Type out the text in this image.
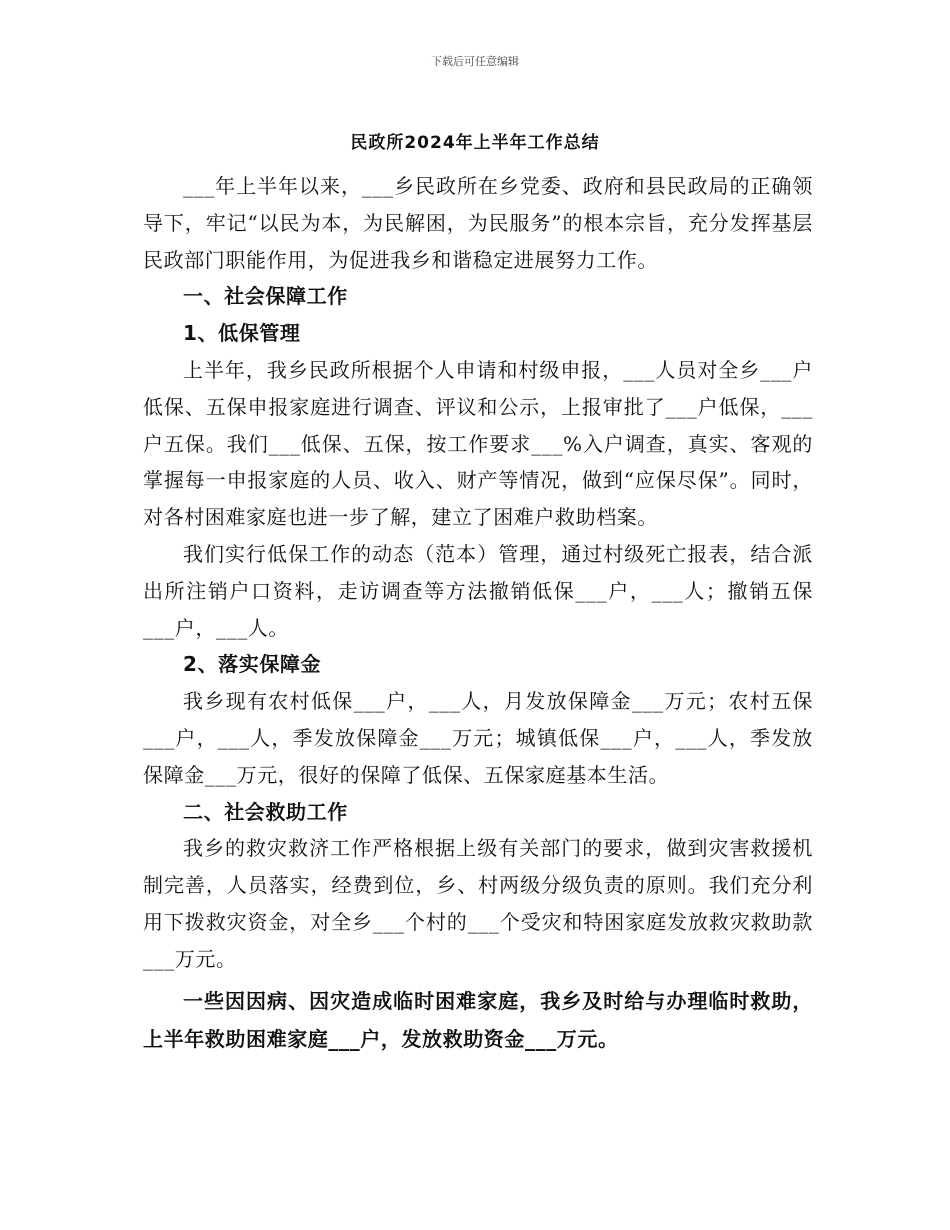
下载后可任意编辑
民政所2024年上半年工作总结

___年上半年以来，___乡民政所在乡党委、政府和县民政局的正确领导下，牢记“以民为本，为民解困，为民服务”的根本宗旨，充分发挥基层民政部门职能作用，为促进我乡和谐稳定进展努力工作。

一、社会保障工作

1、低保管理

上半年，我乡民政所根据个人申请和村级申报，___人员对全乡___户低保、五保申报家庭进行调查、评议和公示，上报审批了___户低保，___户五保。我们___低保、五保，按工作要求___%入户调查，真实、客观的掌握每一申报家庭的人员、收入、财产等情况，做到“应保尽保”。同时，对各村困难家庭也进一步了解，建立了困难户救助档案。

我们实行低保工作的动态（范本）管理，通过村级死亡报表，结合派出所注销户口资料，走访调查等方法撤销低保___户，___人；撤销五保___户，___人。

2、落实保障金

我乡现有农村低保___户，___人，月发放保障金___万元；农村五保___户，___人，季发放保障金___万元；城镇低保___户，___人，季发放保障金___万元，很好的保障了低保、五保家庭基本生活。

二、社会救助工作

我乡的救灾救济工作严格根据上级有关部门的要求，做到灾害救援机制完善，人员落实，经费到位，乡、村两级分级负责的原则。我们充分利用下拨救灾资金，对全乡___个村的___个受灾和特困家庭发放救灾救助款___万元。

一些因因病、因灾造成临时困难家庭，我乡及时给与办理临时救助，上半年救助困难家庭___户，发放救助资金___万元。
